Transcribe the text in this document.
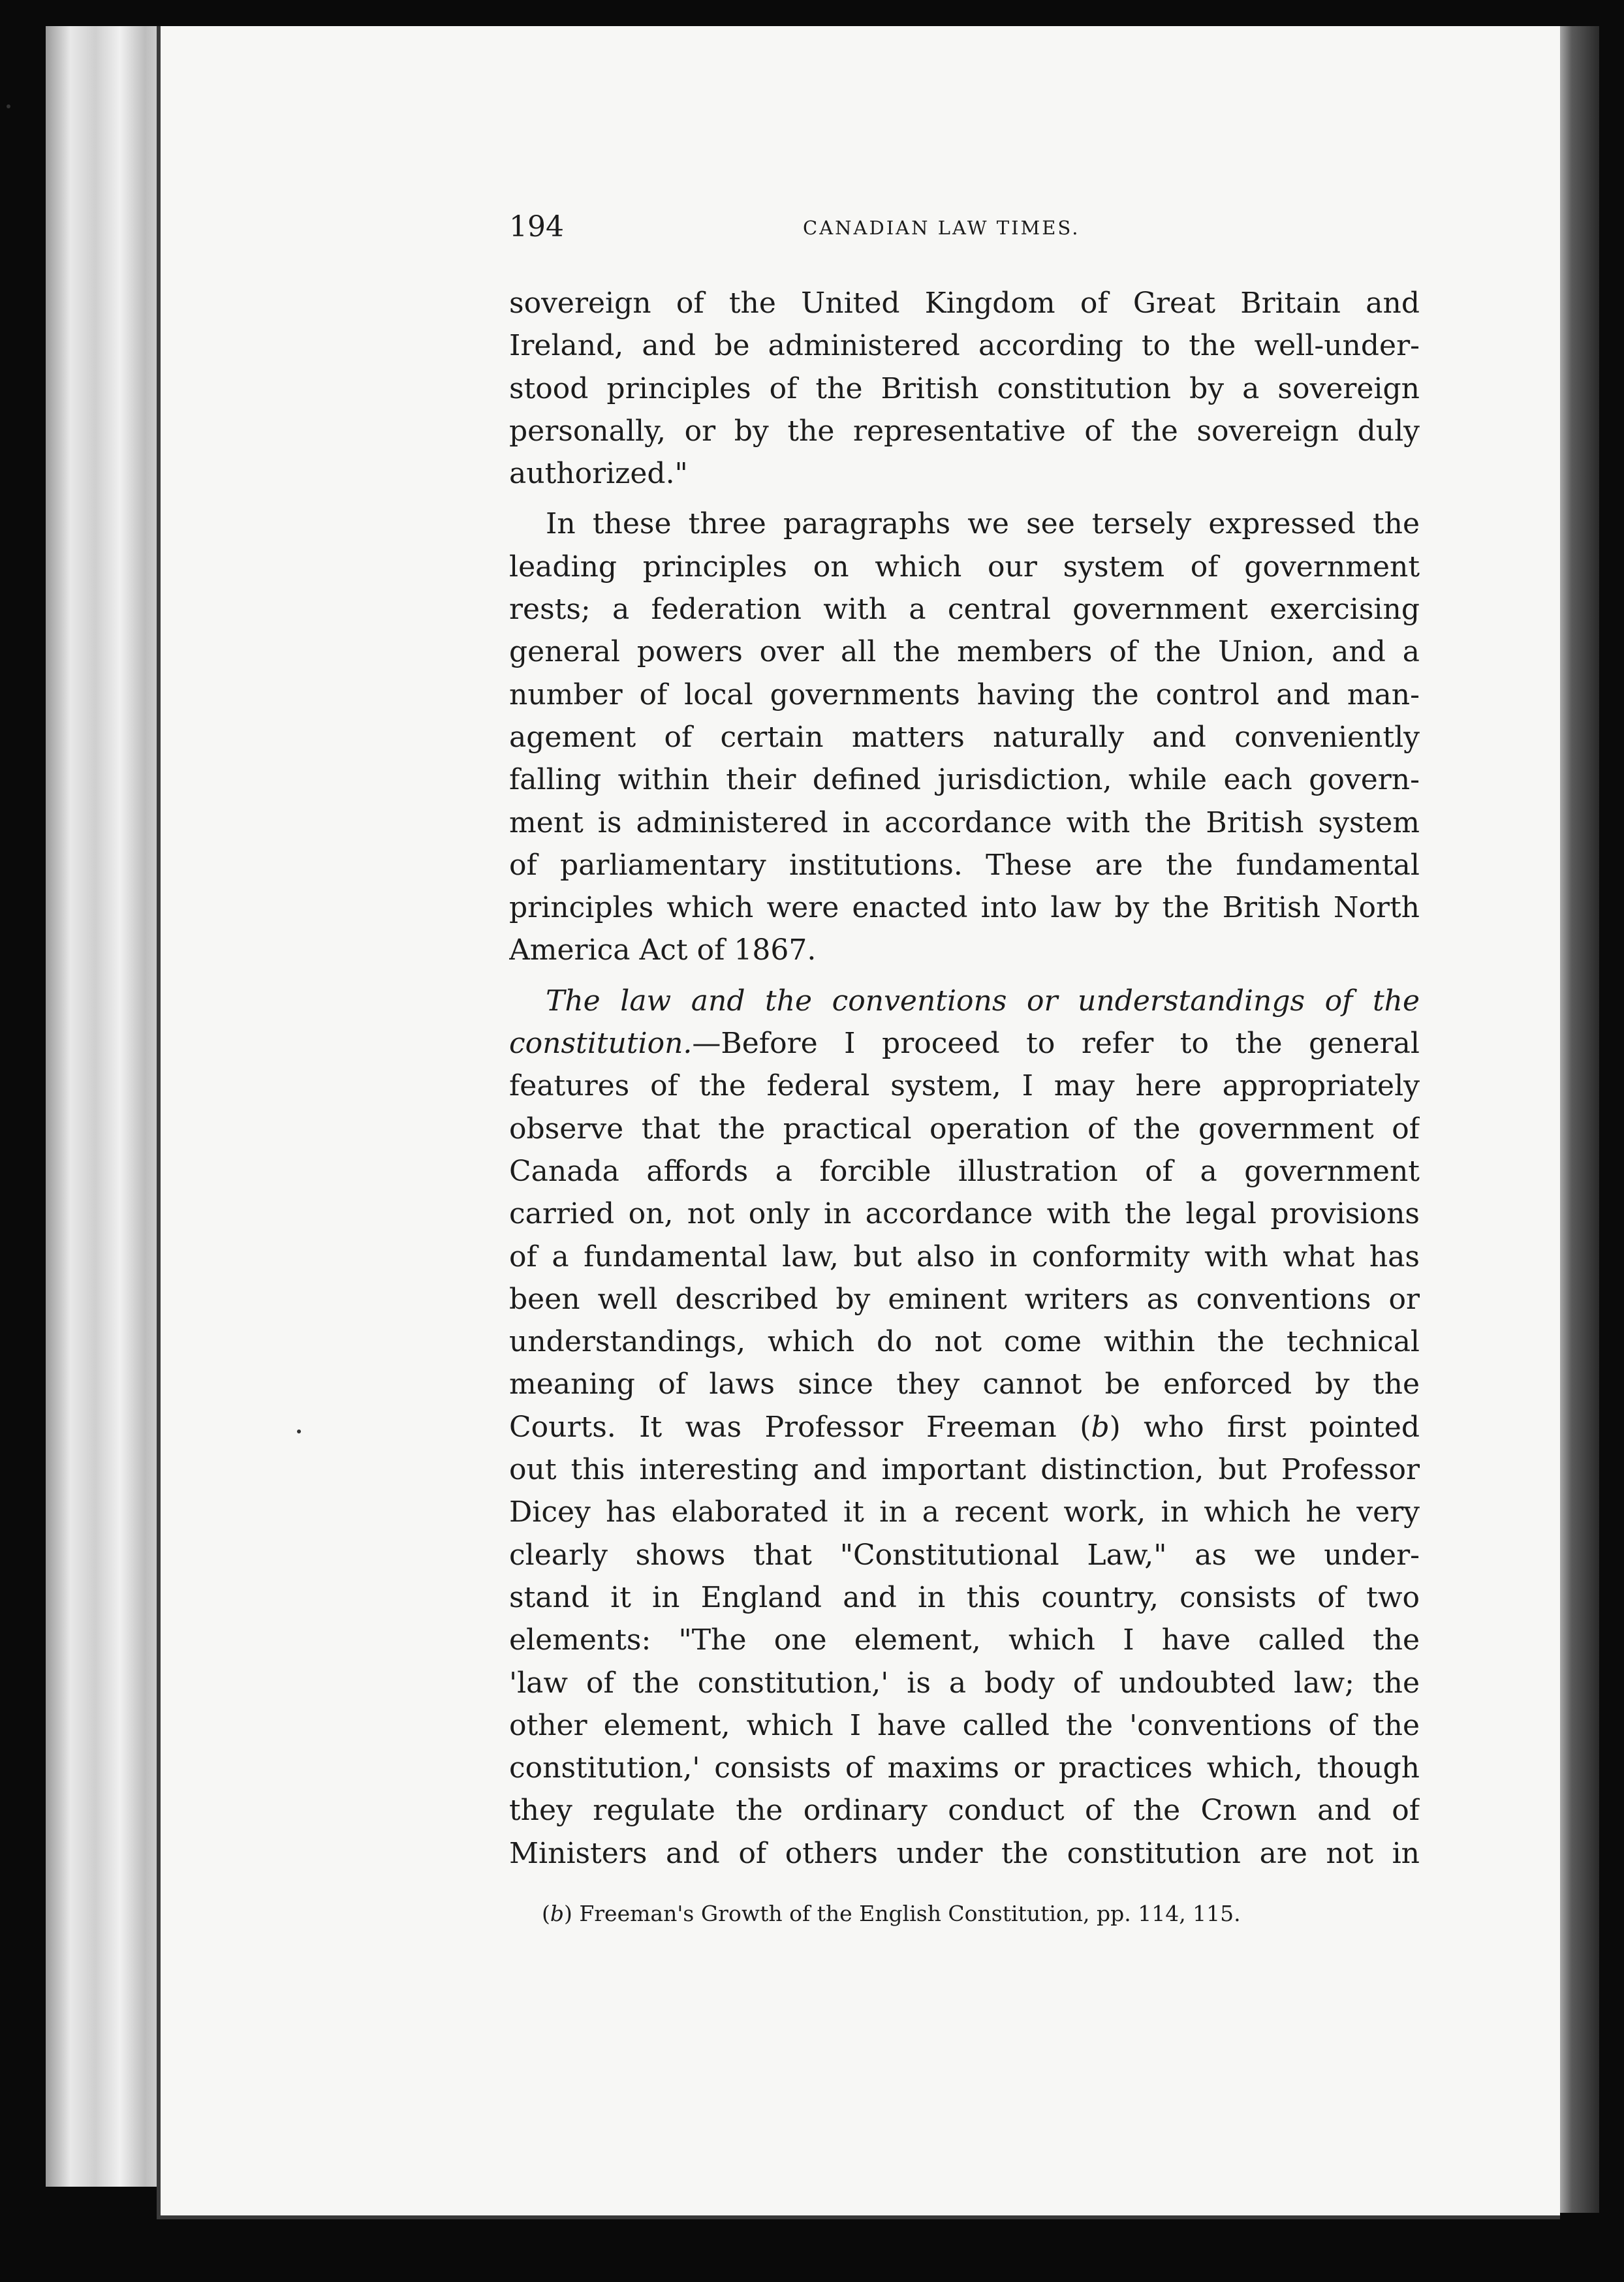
194	CANADIAN LAW TIMES.
sovereign of the United Kingdom of Great Britain and
Ireland, and be administered according to the well-under-
stood principles of the British constitution by a sovereign
personally, or by the representative of the sovereign duly
authorized."
In these three paragraphs we see tersely expressed the
leading principles on which our system of government
rests; a federation with a central government exercising
general powers over all the members of the Union, and a
number of local governments having the control and man-
agement of certain matters naturally and conveniently
falling within their defined jurisdiction, while each govern-
ment is administered in accordance with the British system
of parliamentary institutions. These are the fundamental
principles which were enacted into law by the British North
America Act of 1867.
The law and the conventions or understandings of the
constitution.—Before I proceed to refer to the general
features of the federal system, I may here appropriately
observe that the practical operation of the government of
Canada affords a forcible illustration of a government
carried on, not only in accordance with the legal provisions
of a fundamental law, but also in conformity with what has
been well described by eminent writers as conventions or
understandings, which do not come within the technical
meaning of laws since they cannot be enforced by the
Courts. It was Professor Freeman (b) who first pointed
out this interesting and important distinction, but Professor
Dicey has elaborated it in a recent work, in which he very
clearly shows that "Constitutional Law," as we under-
stand it in England and in this country, consists of two
elements: "The one element, which I have called the
'law of the constitution,' is a body of undoubted law; the
other element, which I have called the 'conventions of the
constitution,' consists of maxims or practices which, though
they regulate the ordinary conduct of the Crown and of
Ministers and of others under the constitution are not in
(b) Freeman's Growth of the English Constitution, pp. 114, 115.
